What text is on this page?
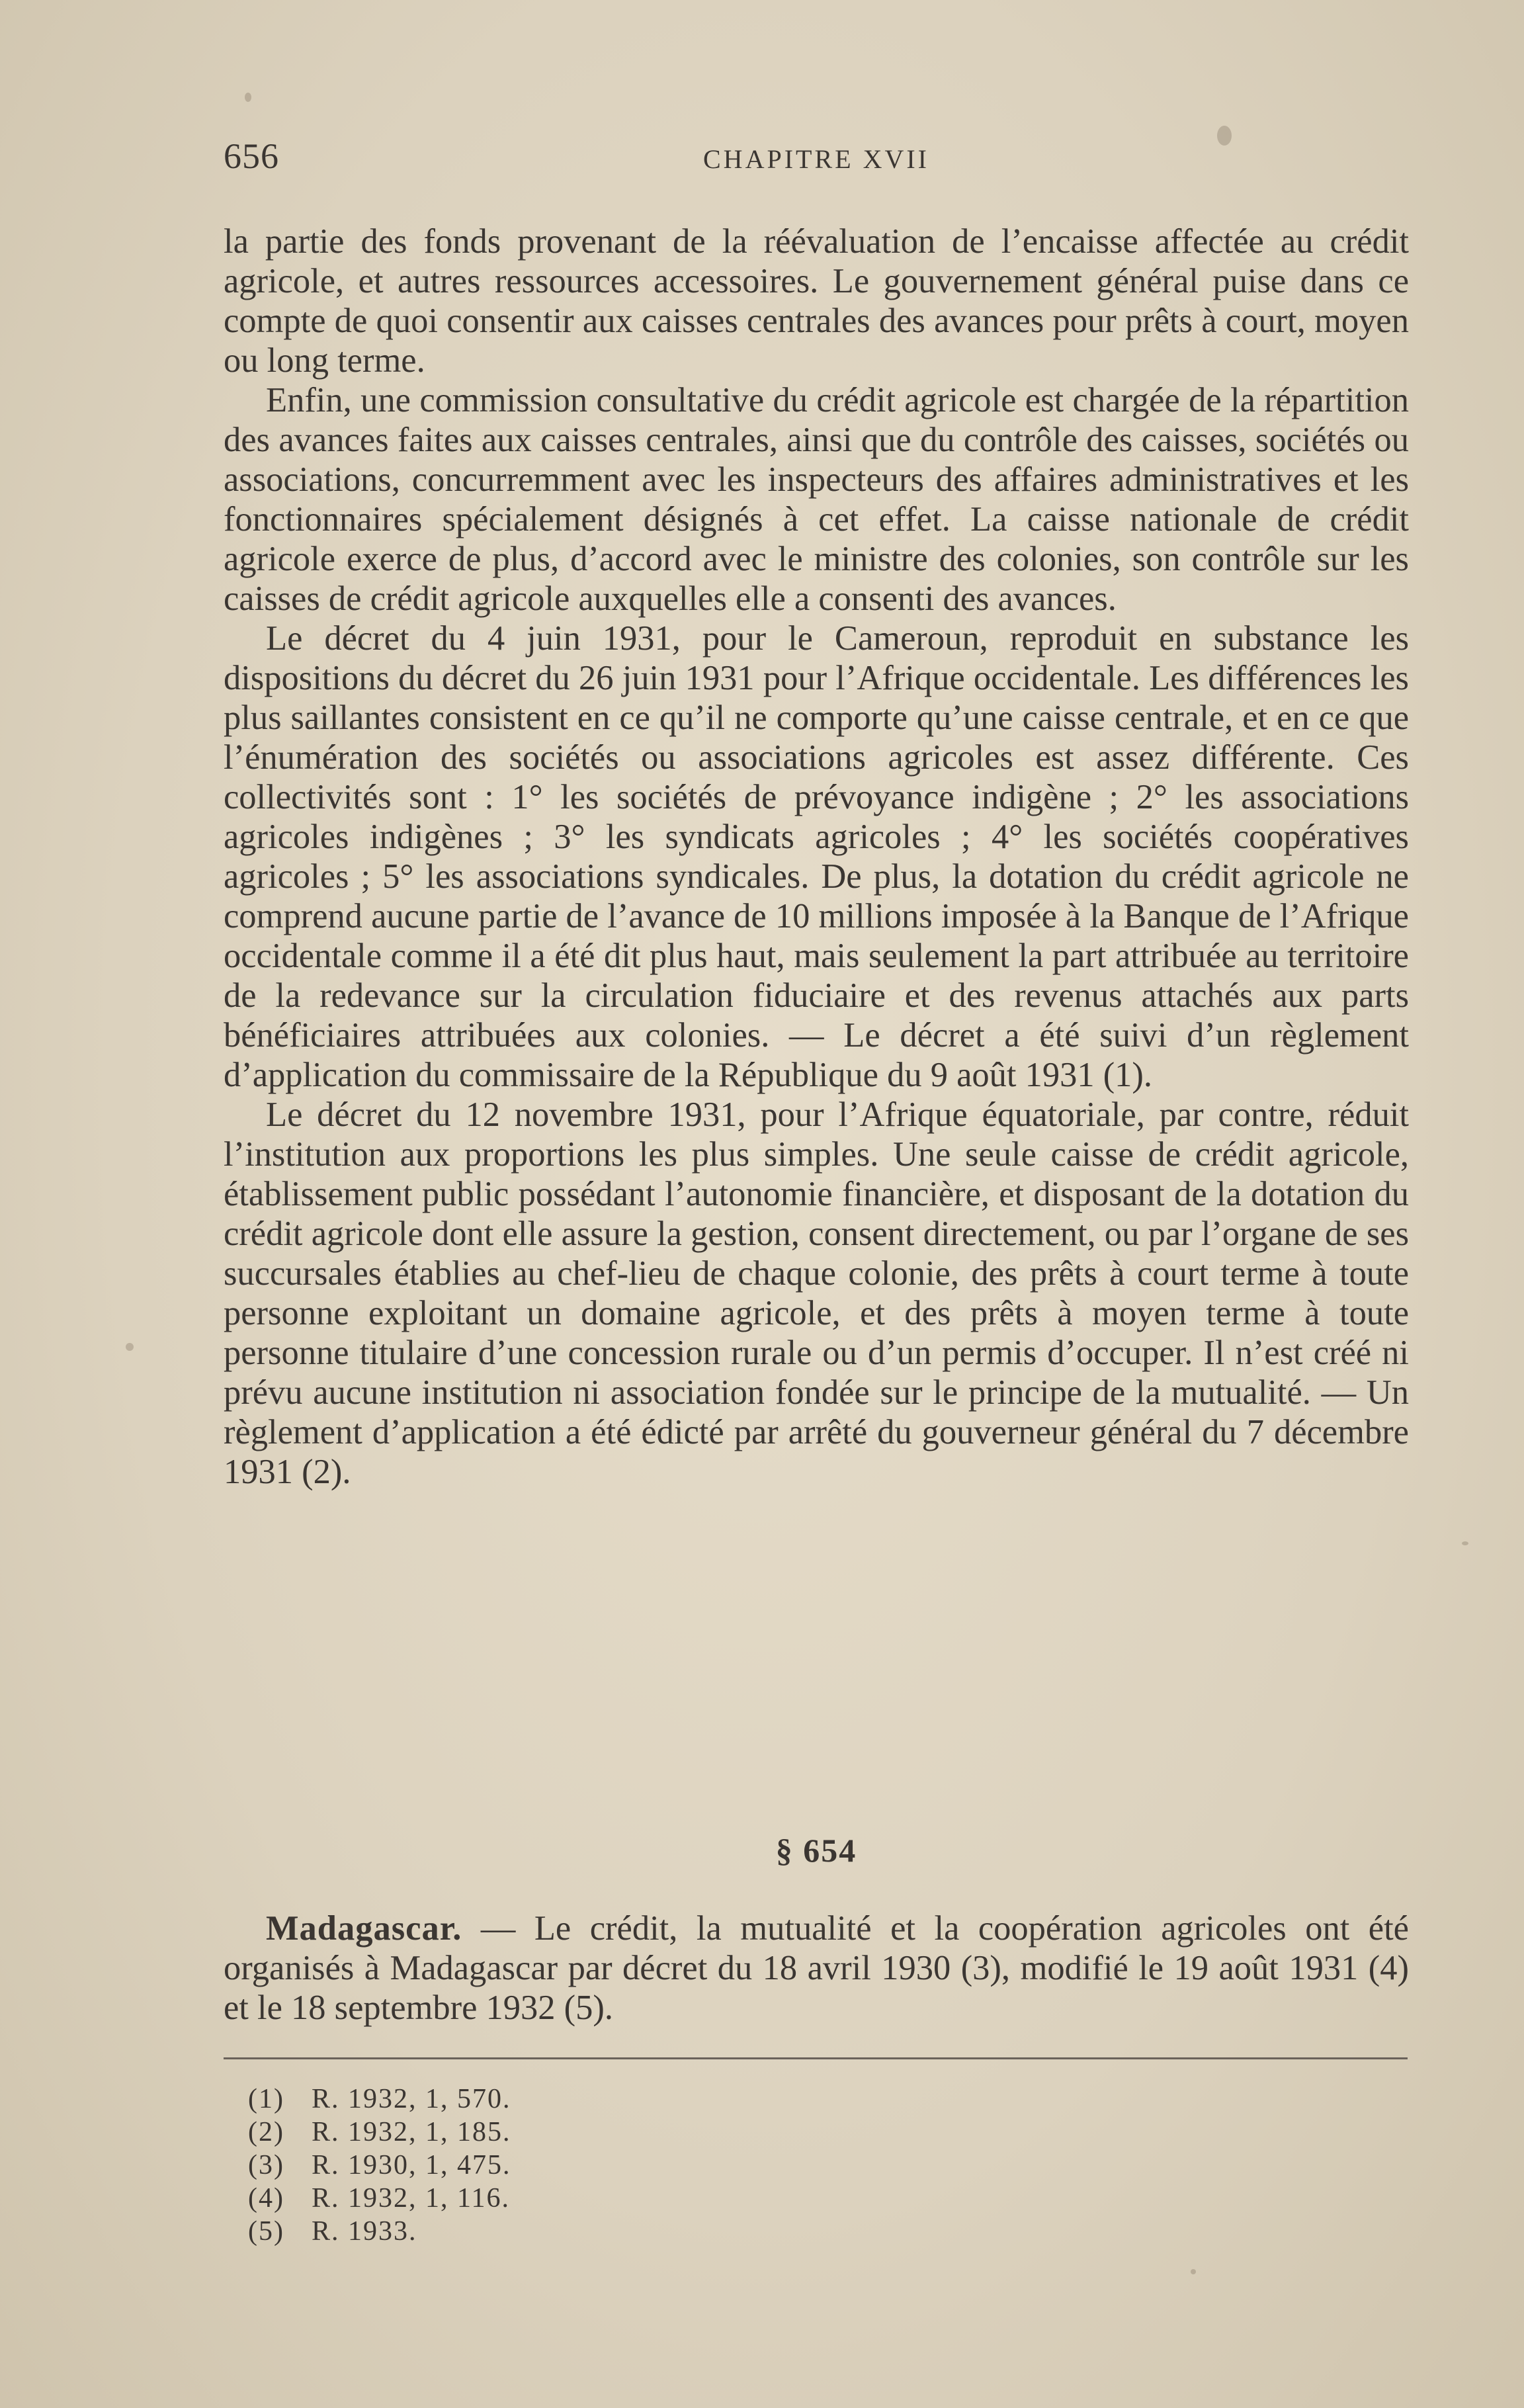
656	CHAPITRE XVII

la partie des fonds provenant de la réévaluation de l’encaisse affectée au crédit agricole, et autres ressources accessoires. Le gouvernement général puise dans ce compte de quoi consentir aux caisses centrales des avances pour prêts à court, moyen ou long terme.

Enfin, une commission consultative du crédit agricole est chargée de la répartition des avances faites aux caisses centrales, ainsi que du contrôle des caisses, sociétés ou associations, concurremment avec les inspecteurs des affaires administratives et les fonctionnaires spécialement désignés à cet effet. La caisse nationale de crédit agricole exerce de plus, d’accord avec le ministre des colonies, son contrôle sur les caisses de crédit agricole auxquelles elle a consenti des avances.

Le décret du 4 juin 1931, pour le Cameroun, reproduit en substance les dispositions du décret du 26 juin 1931 pour l’Afrique occidentale. Les différences les plus saillantes consistent en ce qu’il ne comporte qu’une caisse centrale, et en ce que l’énumération des sociétés ou associations agricoles est assez différente. Ces collectivités sont : 1° les sociétés de prévoyance indigène ; 2° les associations agricoles indigènes ; 3° les syndicats agricoles ; 4° les sociétés coopératives agricoles ; 5° les associations syndicales. De plus, la dotation du crédit agricole ne comprend aucune partie de l’avance de 10 millions imposée à la Banque de l’Afrique occidentale comme il a été dit plus haut, mais seulement la part attribuée au territoire de la redevance sur la circulation fiduciaire et des revenus attachés aux parts bénéficiaires attribuées aux colonies. — Le décret a été suivi d’un règlement d’application du commissaire de la République du 9 août 1931 (1).

Le décret du 12 novembre 1931, pour l’Afrique équatoriale, par contre, réduit l’institution aux proportions les plus simples. Une seule caisse de crédit agricole, établissement public possédant l’autonomie financière, et disposant de la dotation du crédit agricole dont elle assure la gestion, consent directement, ou par l’organe de ses succursales établies au chef-lieu de chaque colonie, des prêts à court terme à toute personne exploitant un domaine agricole, et des prêts à moyen terme à toute personne titulaire d’une concession rurale ou d’un permis d’occuper. Il n’est créé ni prévu aucune institution ni association fondée sur le principe de la mutualité. — Un règlement d’application a été édicté par arrêté du gouverneur général du 7 décembre 1931 (2).

§ 654

Madagascar. — Le crédit, la mutualité et la coopération agricoles ont été organisés à Madagascar par décret du 18 avril 1930 (3), modifié le 19 août 1931 (4) et le 18 septembre 1932 (5).

(1) R. 1932, 1, 570.
(2) R. 1932, 1, 185.
(3) R. 1930, 1, 475.
(4) R. 1932, 1, 116.
(5) R. 1933.
